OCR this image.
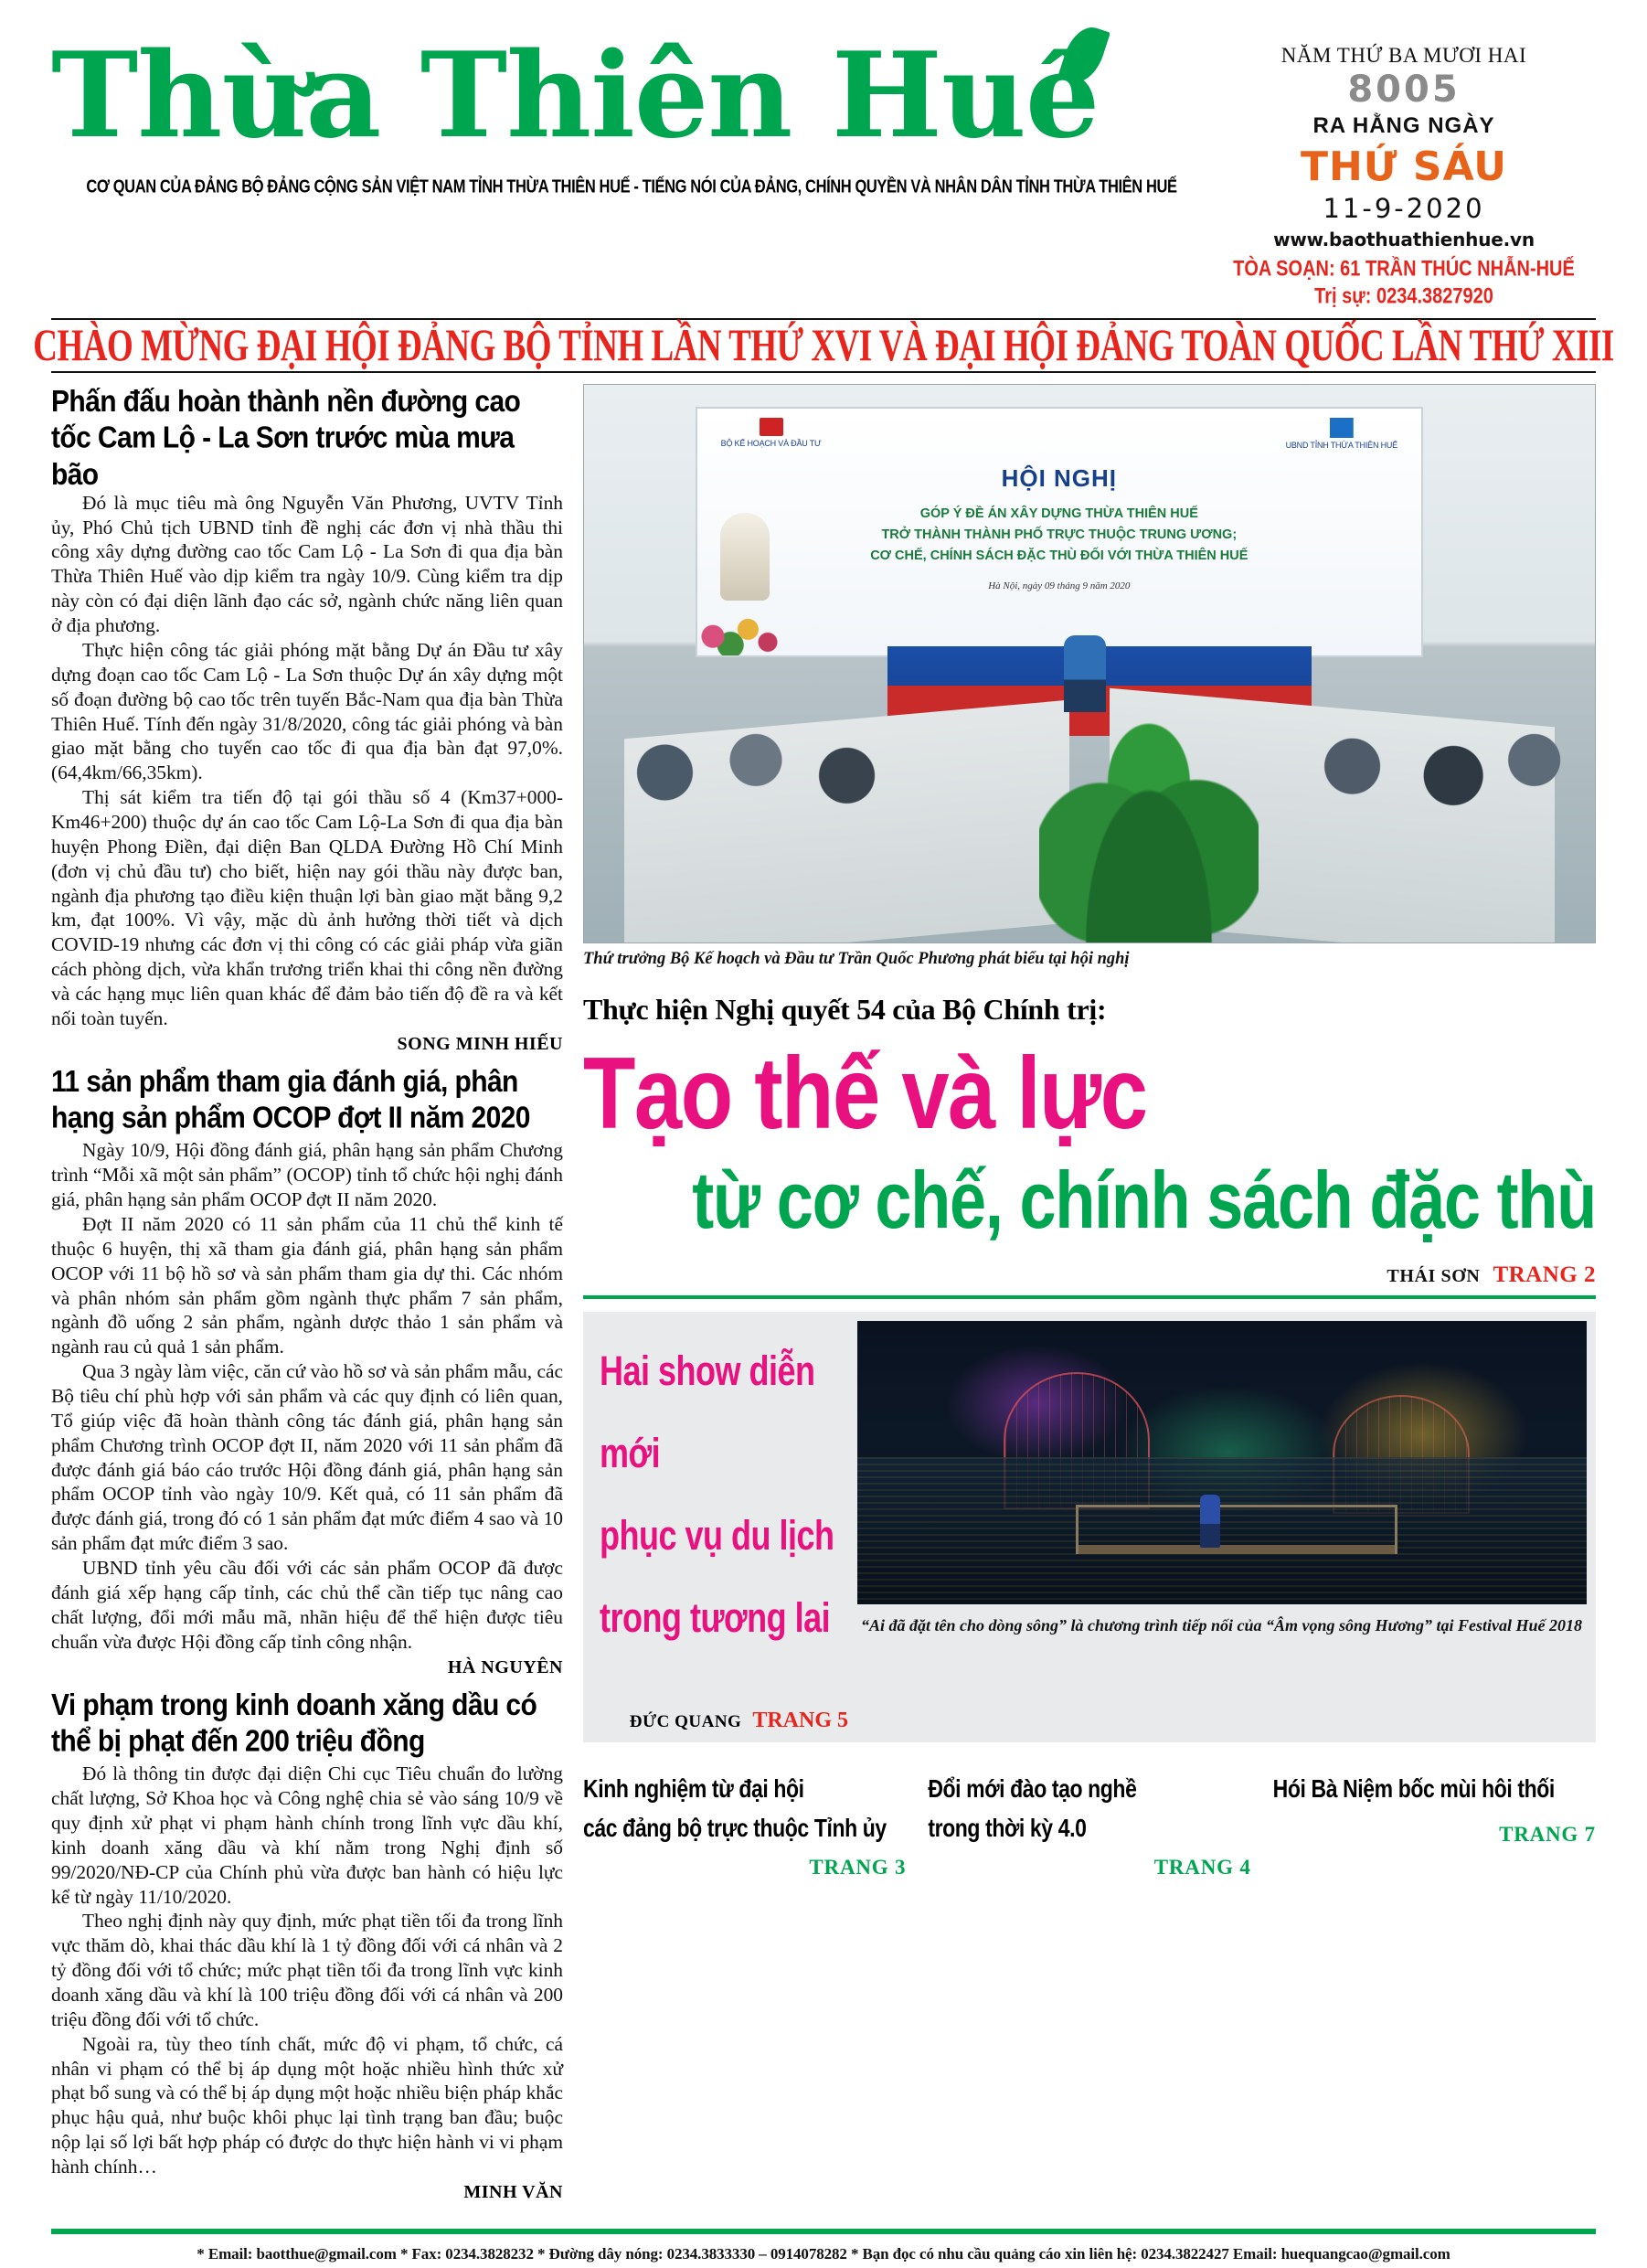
Thừa Thiên Huế
CƠ QUAN CỦA ĐẢNG BỘ ĐẢNG CỘNG SẢN VIỆT NAM TỈNH THỪA THIÊN HUẾ - TIẾNG NÓI CỦA ĐẢNG, CHÍNH QUYỀN VÀ NHÂN DÂN TỈNH THỪA THIÊN HUẾ
NĂM THỨ BA MƯƠI HAI
8005
RA HẰNG NGÀY
THỨ SÁU
11-9-2020
www.baothuathienhue.vn
TÒA SOẠN: 61 TRẦN THÚC NHẪN-HUẾ
Trị sự: 0234.3827920
CHÀO MỪNG ĐẠI HỘI ĐẢNG BỘ TỈNH LẦN THỨ XVI VÀ ĐẠI HỘI ĐẢNG TOÀN QUỐC LẦN THỨ XIII
Phấn đấu hoàn thành nền đường cao tốc Cam Lộ - La Sơn trước mùa mưa bão

Đó là mục tiêu mà ông Nguyễn Văn Phương, UVTV Tỉnh ủy, Phó Chủ tịch UBND tỉnh đề nghị các đơn vị nhà thầu thi công xây dựng đường cao tốc Cam Lộ - La Sơn đi qua địa bàn Thừa Thiên Huế vào dịp kiểm tra ngày 10/9. Cùng kiểm tra dịp này còn có đại diện lãnh đạo các sở, ngành chức năng liên quan ở địa phương.

Thực hiện công tác giải phóng mặt bằng Dự án Đầu tư xây dựng đoạn cao tốc Cam Lộ - La Sơn thuộc Dự án xây dựng một số đoạn đường bộ cao tốc trên tuyến Bắc-Nam qua địa bàn Thừa Thiên Huế. Tính đến ngày 31/8/2020, công tác giải phóng và bàn giao mặt bằng cho tuyến cao tốc đi qua địa bàn đạt 97,0%. (64,4km/66,35km).

Thị sát kiểm tra tiến độ tại gói thầu số 4 (Km37+000-Km46+200) thuộc dự án cao tốc Cam Lộ-La Sơn đi qua địa bàn huyện Phong Điền, đại diện Ban QLDA Đường Hồ Chí Minh (đơn vị chủ đầu tư) cho biết, hiện nay gói thầu này được ban, ngành địa phương tạo điều kiện thuận lợi bàn giao mặt bằng 9,2 km, đạt 100%. Vì vậy, mặc dù ảnh hưởng thời tiết và dịch COVID-19 nhưng các đơn vị thi công có các giải pháp vừa giãn cách phòng dịch, vừa khẩn trương triển khai thi công nền đường và các hạng mục liên quan khác để đảm bảo tiến độ đề ra và kết nối toàn tuyến.

SONG MINH HIẾU
11 sản phẩm tham gia đánh giá, phân hạng sản phẩm OCOP đợt II năm 2020

Ngày 10/9, Hội đồng đánh giá, phân hạng sản phẩm Chương trình “Mỗi xã một sản phẩm” (OCOP) tỉnh tổ chức hội nghị đánh giá, phân hạng sản phẩm OCOP đợt II năm 2020.

Đợt II năm 2020 có 11 sản phẩm của 11 chủ thể kinh tế thuộc 6 huyện, thị xã tham gia đánh giá, phân hạng sản phẩm OCOP với 11 bộ hồ sơ và sản phẩm tham gia dự thi. Các nhóm và phân nhóm sản phẩm gồm ngành thực phẩm 7 sản phẩm, ngành đồ uống 2 sản phẩm, ngành dược thảo 1 sản phẩm và ngành rau củ quả 1 sản phẩm.

Qua 3 ngày làm việc, căn cứ vào hồ sơ và sản phẩm mẫu, các Bộ tiêu chí phù hợp với sản phẩm và các quy định có liên quan, Tổ giúp việc đã hoàn thành công tác đánh giá, phân hạng sản phẩm Chương trình OCOP đợt II, năm 2020 với 11 sản phẩm đã được đánh giá báo cáo trước Hội đồng đánh giá, phân hạng sản phẩm OCOP tỉnh vào ngày 10/9. Kết quả, có 11 sản phẩm đã được đánh giá, trong đó có 1 sản phẩm đạt mức điểm 4 sao và 10 sản phẩm đạt mức điểm 3 sao.

UBND tỉnh yêu cầu đối với các sản phẩm OCOP đã được đánh giá xếp hạng cấp tỉnh, các chủ thể cần tiếp tục nâng cao chất lượng, đổi mới mẫu mã, nhãn hiệu để thể hiện được tiêu chuẩn vừa được Hội đồng cấp tỉnh công nhận.

HÀ NGUYÊN
Vi phạm trong kinh doanh xăng dầu có thể bị phạt đến 200 triệu đồng

Đó là thông tin được đại diện Chi cục Tiêu chuẩn đo lường chất lượng, Sở Khoa học và Công nghệ chia sẻ vào sáng 10/9 về quy định xử phạt vi phạm hành chính trong lĩnh vực dầu khí, kinh doanh xăng dầu và khí nằm trong Nghị định số 99/2020/NĐ-CP của Chính phủ vừa được ban hành có hiệu lực kể từ ngày 11/10/2020.

Theo nghị định này quy định, mức phạt tiền tối đa trong lĩnh vực thăm dò, khai thác dầu khí là 1 tỷ đồng đối với cá nhân và 2 tỷ đồng đối với tổ chức; mức phạt tiền tối đa trong lĩnh vực kinh doanh xăng dầu và khí là 100 triệu đồng đối với cá nhân và 200 triệu đồng đối với tổ chức.

Ngoài ra, tùy theo tính chất, mức độ vi phạm, tổ chức, cá nhân vi phạm có thể bị áp dụng một hoặc nhiều hình thức xử phạt bổ sung và có thể bị áp dụng một hoặc nhiều biện pháp khắc phục hậu quả, như buộc khôi phục lại tình trạng ban đầu; buộc nộp lại số lợi bất hợp pháp có được do thực hiện hành vi vi phạm hành chính…

MINH VĂN
BỘ KẾ HOẠCH VÀ ĐẦU TƯ	UBND TỈNH THỪA THIÊN HUẾ
HỘI NGHỊ
GÓP Ý ĐỀ ÁN XÂY DỰNG THỪA THIÊN HUẾ
TRỞ THÀNH THÀNH PHỐ TRỰC THUỘC TRUNG ƯƠNG;
CƠ CHẾ, CHÍNH SÁCH ĐẶC THÙ ĐỐI VỚI THỪA THIÊN HUẾ
Hà Nội, ngày 09 tháng 9 năm 2020
Thứ trưởng Bộ Kế hoạch và Đầu tư Trần Quốc Phương phát biểu tại hội nghị
Thực hiện Nghị quyết 54 của Bộ Chính trị:
Tạo thế và lực
từ cơ chế, chính sách đặc thù
THÁI SƠN TRANG 2
Hai show diễn mới
phục vụ du lịch
trong tương lai
ĐỨC QUANG TRANG 5
“Ai đã đặt tên cho dòng sông” là chương trình tiếp nối của “Âm vọng sông Hương” tại Festival Huế 2018
Kinh nghiệm từ đại hội
các đảng bộ trực thuộc Tỉnh ủy
TRANG 3
Đổi mới đào tạo nghề
trong thời kỳ 4.0
TRANG 4
Hói Bà Niệm bốc mùi hôi thối
TRANG 7
* Email: baotthue@gmail.com * Fax: 0234.3828232 * Đường dây nóng: 0234.3833330 – 0914078282 * Bạn đọc có nhu cầu quảng cáo xin liên hệ: 0234.3822427 Email: huequangcao@gmail.com
